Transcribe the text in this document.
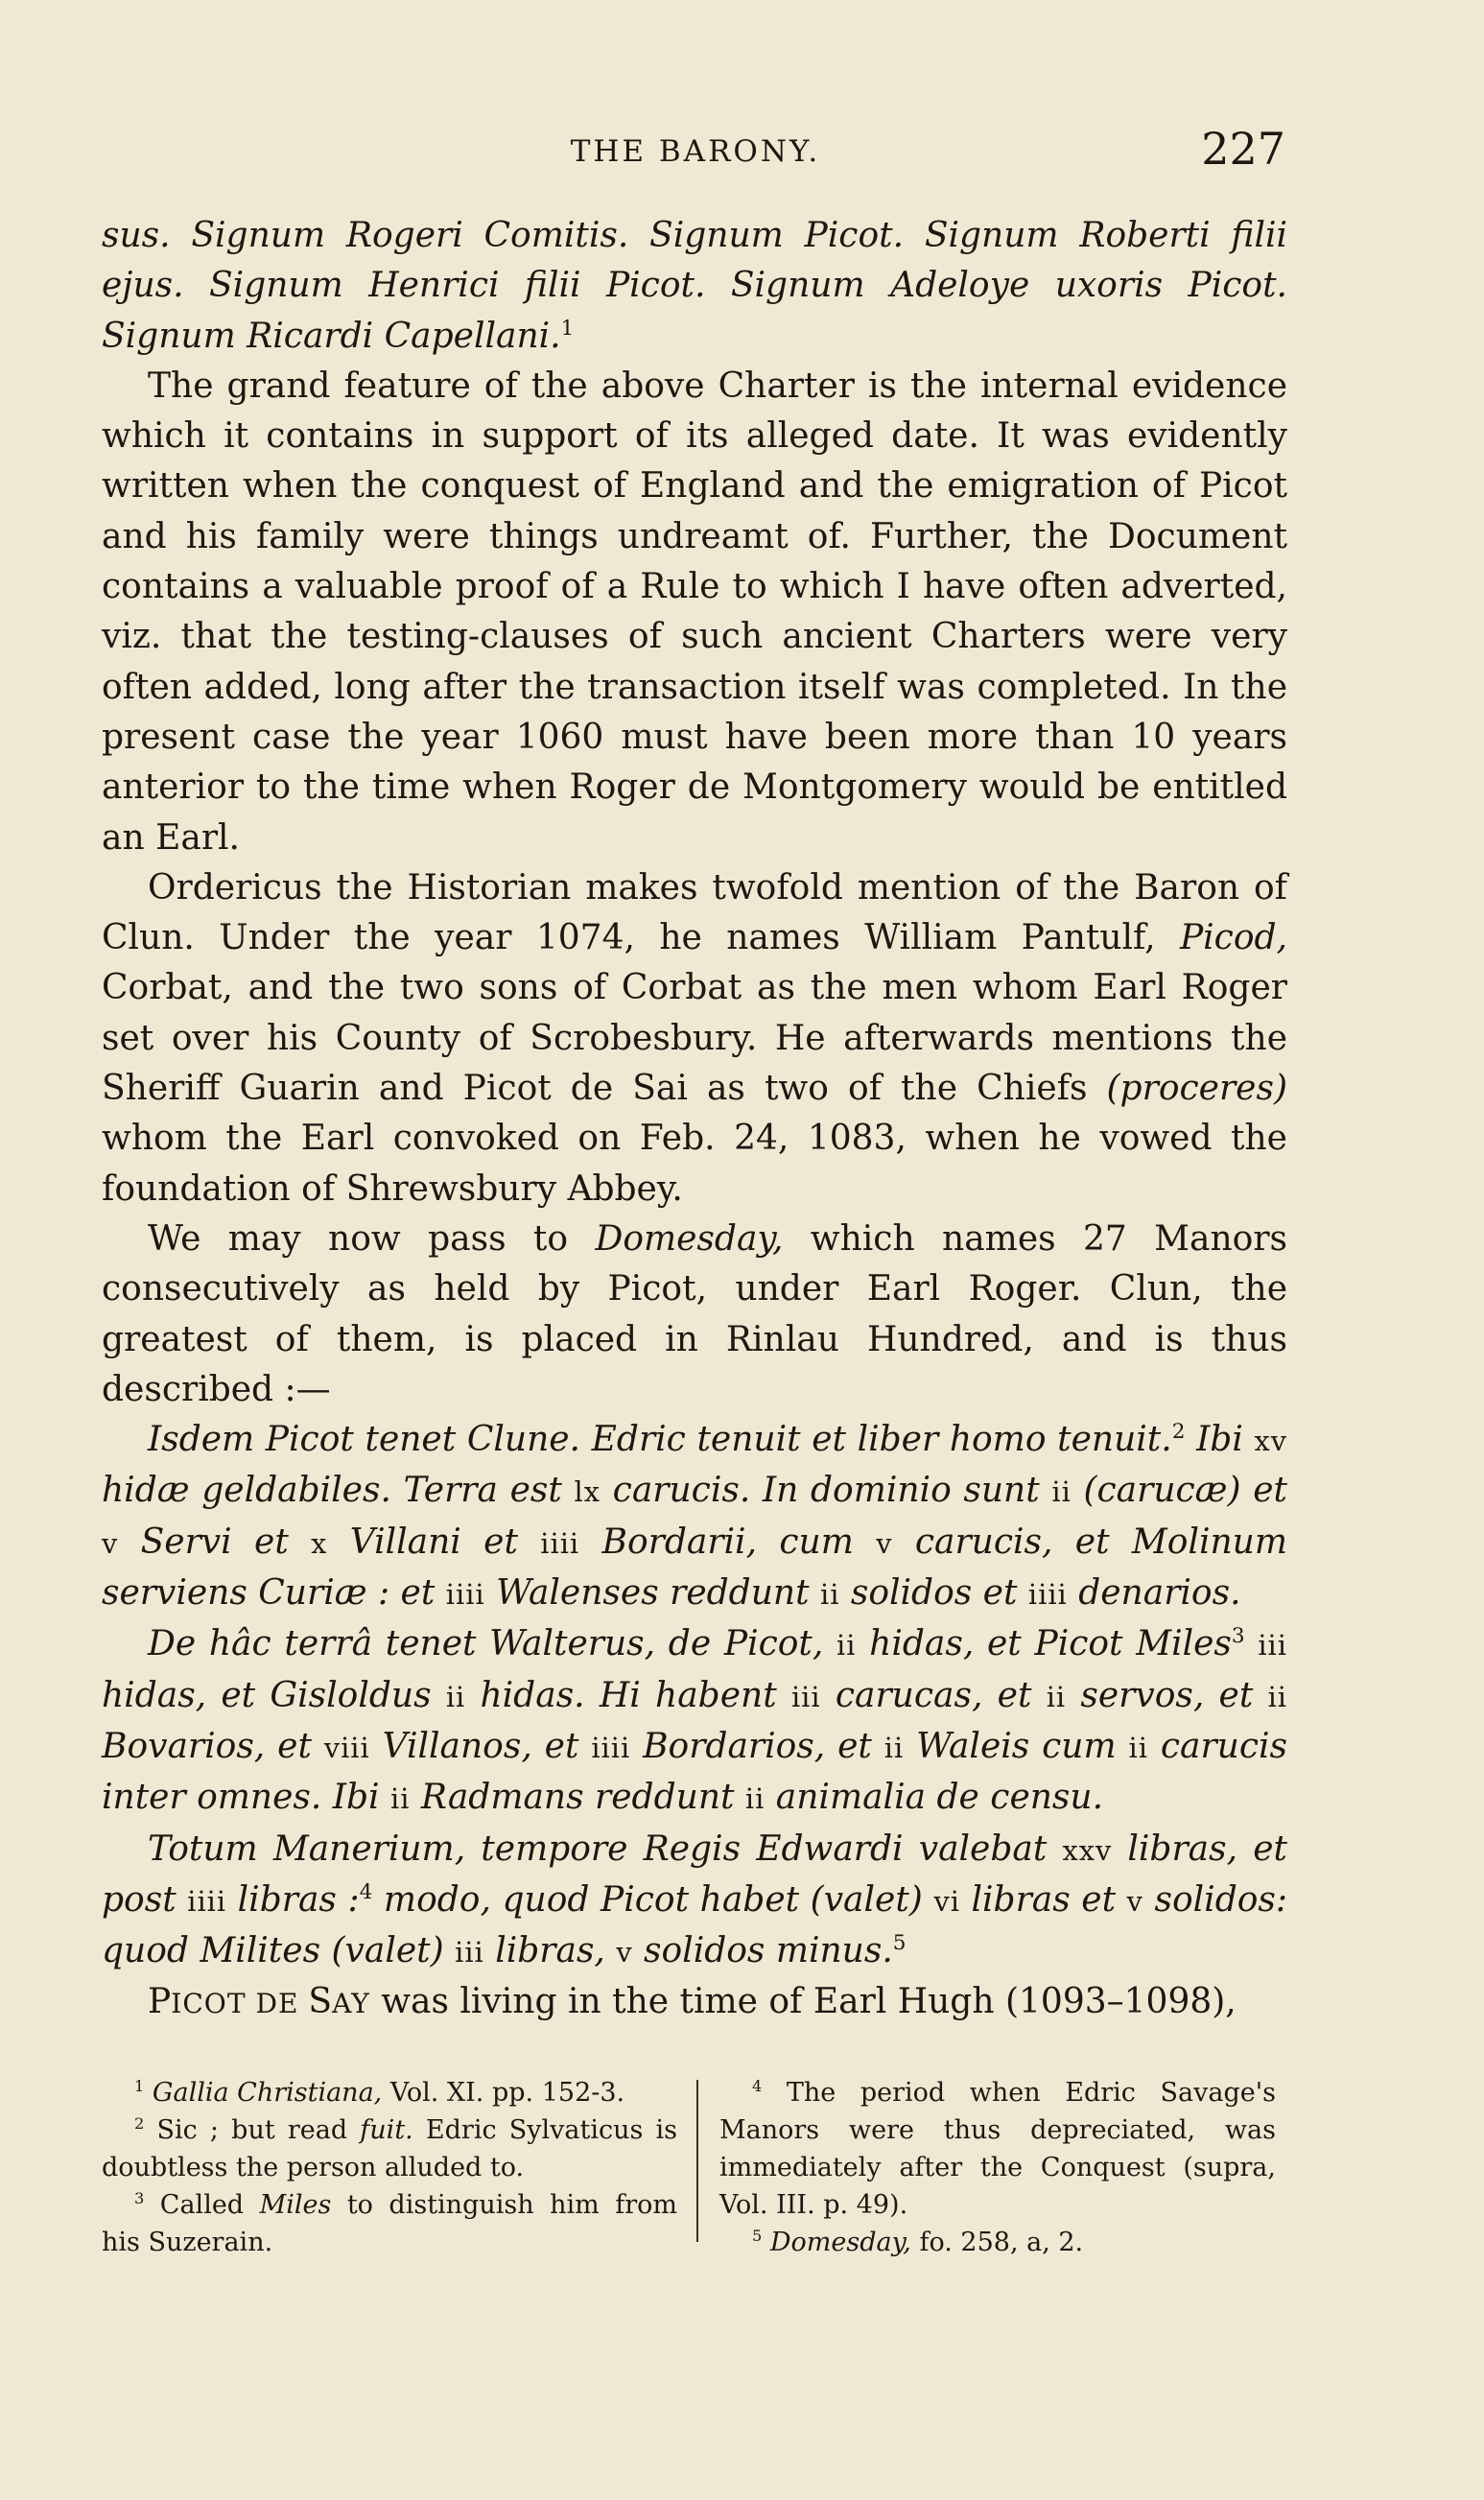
THE BARONY.	227

sus. Signum Rogeri Comitis. Signum Picot. Signum Roberti filii ejus. Signum Henrici filii Picot. Signum Adeloye uxoris Picot. Signum Ricardi Capellani.$^1$

The grand feature of the above Charter is the internal evidence which it contains in support of its alleged date. It was evidently written when the conquest of England and the emigration of Picot and his family were things undreamt of. Further, the Document contains a valuable proof of a Rule to which I have often adverted, viz. that the testing-clauses of such ancient Charters were very often added, long after the transaction itself was completed. In the present case the year 1060 must have been more than 10 years anterior to the time when Roger de Montgomery would be entitled an Earl.

Ordericus the Historian makes twofold mention of the Baron of Clun. Under the year 1074, he names William Pantulf, Picod, Corbat, and the two sons of Corbat as the men whom Earl Roger set over his County of Scrobesbury. He afterwards mentions the Sheriff Guarin and Picot de Sai as two of the Chiefs (proceres) whom the Earl convoked on Feb. 24, 1083, when he vowed the foundation of Shrewsbury Abbey.

We may now pass to Domesday, which names 27 Manors consecutively as held by Picot, under Earl Roger. Clun, the greatest of them, is placed in Rinlau Hundred, and is thus described :—

Isdem Picot tenet Clune. Edric tenuit et liber homo tenuit.$^2$ Ibi xv hidæ geldabiles. Terra est lx carucis. In dominio sunt ii (carucæ) et v Servi et x Villani et iiii Bordarii, cum v carucis, et Molinum serviens Curiæ : et iiii Walenses reddunt ii solidos et iiii denarios.

De hâc terrâ tenet Walterus, de Picot, ii hidas, et Picot Miles$^3$ iii hidas, et Gisloldus ii hidas. Hi habent iii carucas, et ii servos, et ii Bovarios, et viii Villanos, et iiii Bordarios, et ii Waleis cum ii carucis inter omnes. Ibi ii Radmans reddunt ii animalia de censu.

Totum Manerium, tempore Regis Edwardi valebat xxv libras, et post iiii libras :$^4$ modo, quod Picot habet (valet) vi libras et v solidos: quod Milites (valet) iii libras, v solidos minus.$^5$

PICOT DE SAY was living in the time of Earl Hugh (1093–1098),

$^1$ Gallia Christiana, Vol. XI. pp. 152-3.

$^2$ Sic ; but read fuit. Edric Sylvaticus is doubtless the person alluded to.

$^3$ Called Miles to distinguish him from his Suzerain.

$^4$ The period when Edric Savage's Manors were thus depreciated, was immediately after the Conquest (supra, Vol. III. p. 49).

$^5$ Domesday, fo. 258, a, 2.
